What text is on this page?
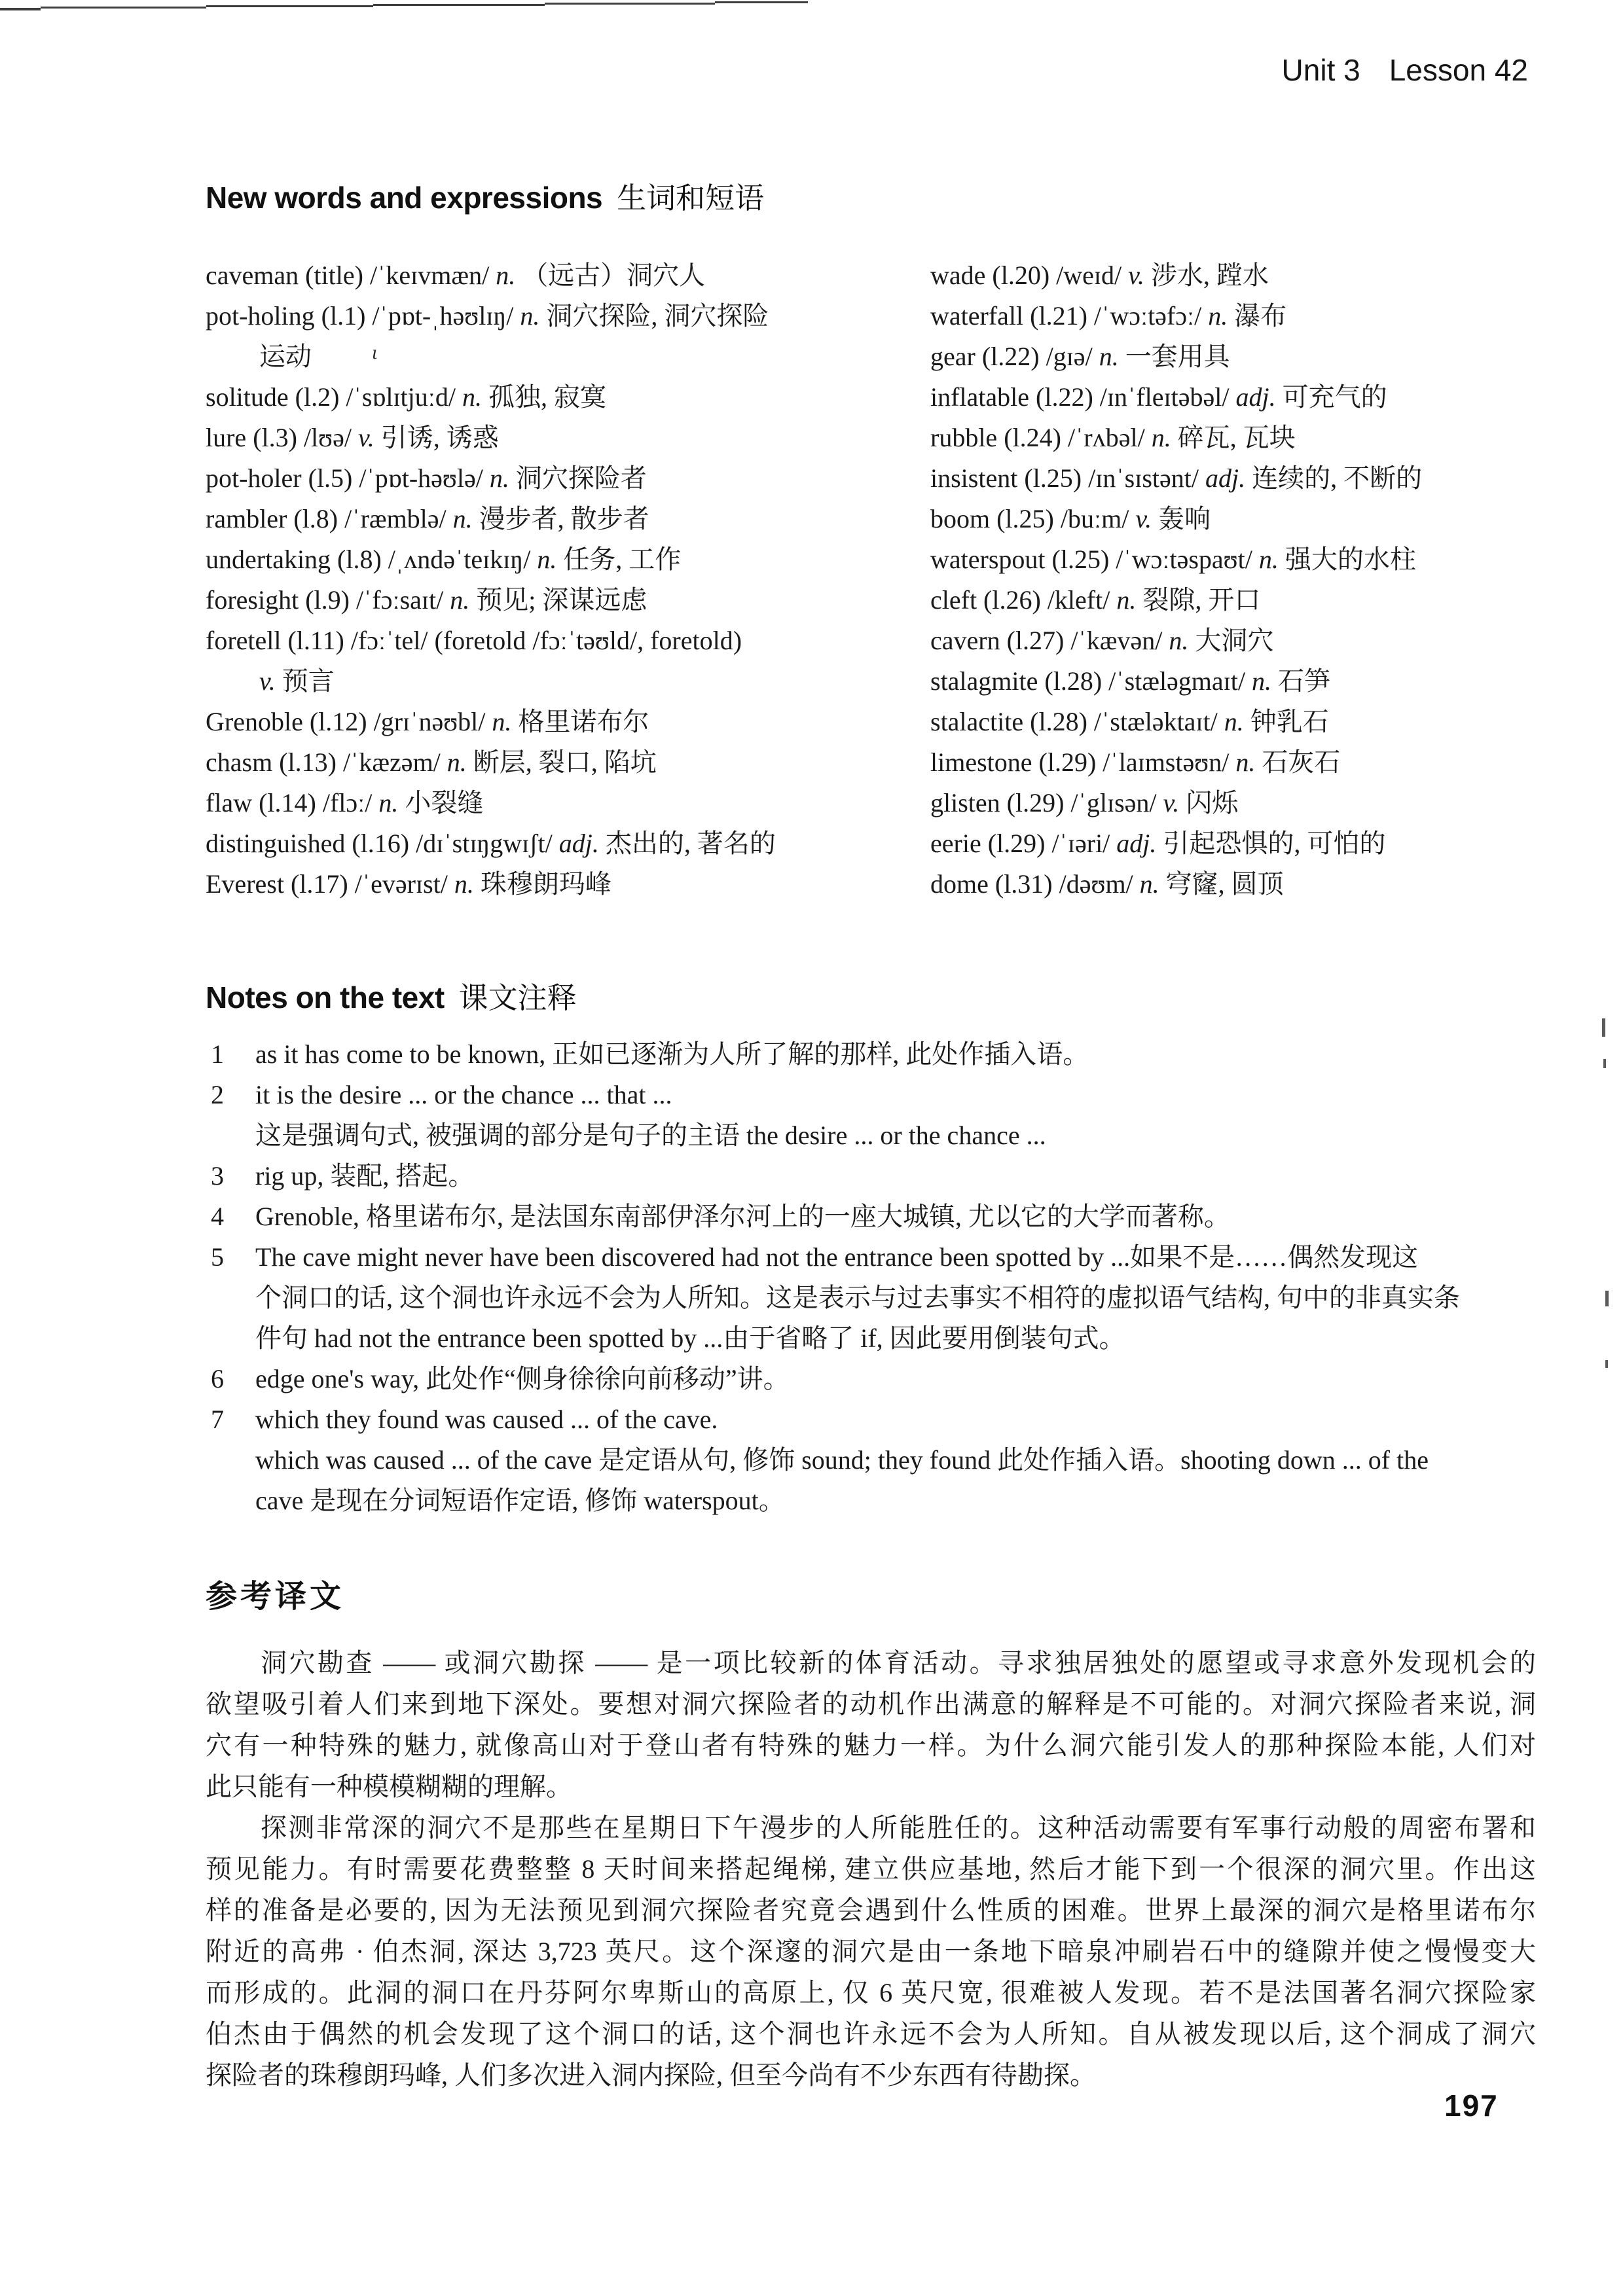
ι
Unit 3 Lesson 42
New words and expressions 生词和短语
caveman (title) /ˈkeɪvmæn/ n. （远古）洞穴人
pot-holing (l.1) /ˈpɒt-ˌhəʊlɪŋ/ n. 洞穴探险, 洞穴探险
运动
solitude (l.2) /ˈsɒlɪtjuːd/ n. 孤独, 寂寞
lure (l.3) /lʊə/ v. 引诱, 诱惑
pot-holer (l.5) /ˈpɒt-həʊlə/ n. 洞穴探险者
rambler (l.8) /ˈræmblə/ n. 漫步者, 散步者
undertaking (l.8) /ˌʌndəˈteɪkɪŋ/ n. 任务, 工作
foresight (l.9) /ˈfɔːsaɪt/ n. 预见; 深谋远虑
foretell (l.11) /fɔːˈtel/ (foretold /fɔːˈtəʊld/, foretold)
v. 预言
Grenoble (l.12) /grɪˈnəʊbl/ n. 格里诺布尔
chasm (l.13) /ˈkæzəm/ n. 断层, 裂口, 陷坑
flaw (l.14) /flɔː/ n. 小裂缝
distinguished (l.16) /dɪˈstɪŋgwɪʃt/ adj. 杰出的, 著名的
Everest (l.17) /ˈevərɪst/ n. 珠穆朗玛峰
wade (l.20) /weɪd/ v. 涉水, 蹚水
waterfall (l.21) /ˈwɔːtəfɔː/ n. 瀑布
gear (l.22) /gɪə/ n. 一套用具
inflatable (l.22) /ɪnˈfleɪtəbəl/ adj. 可充气的
rubble (l.24) /ˈrʌbəl/ n. 碎瓦, 瓦块
insistent (l.25) /ɪnˈsɪstənt/ adj. 连续的, 不断的
boom (l.25) /buːm/ v. 轰响
waterspout (l.25) /ˈwɔːtəspaʊt/ n. 强大的水柱
cleft (l.26) /kleft/ n. 裂隙, 开口
cavern (l.27) /ˈkævən/ n. 大洞穴
stalagmite (l.28) /ˈstæləgmaɪt/ n. 石笋
stalactite (l.28) /ˈstæləktaɪt/ n. 钟乳石
limestone (l.29) /ˈlaɪmstəʊn/ n. 石灰石
glisten (l.29) /ˈglɪsən/ v. 闪烁
eerie (l.29) /ˈɪəri/ adj. 引起恐惧的, 可怕的
dome (l.31) /dəʊm/ n. 穹窿, 圆顶
Notes on the text 课文注释
1 as it has come to be known, 正如已逐渐为人所了解的那样, 此处作插入语。
2 it is the desire ... or the chance ... that ...
这是强调句式, 被强调的部分是句子的主语 the desire ... or the chance ...
3 rig up, 装配, 搭起。
4 Grenoble, 格里诺布尔, 是法国东南部伊泽尔河上的一座大城镇, 尤以它的大学而著称。
5 The cave might never have been discovered had not the entrance been spotted by ...如果不是……偶然发现这
个洞口的话, 这个洞也许永远不会为人所知。这是表示与过去事实不相符的虚拟语气结构, 句中的非真实条
件句 had not the entrance been spotted by ...由于省略了 if, 因此要用倒装句式。
6 edge one's way, 此处作“侧身徐徐向前移动”讲。
7 which they found was caused ... of the cave.
which was caused ... of the cave 是定语从句, 修饰 sound; they found 此处作插入语。shooting down ... of the
cave 是现在分词短语作定语, 修饰 waterspout。
参考译文
洞穴勘查 —— 或洞穴勘探 —— 是一项比较新的体育活动。寻求独居独处的愿望或寻求意外发现机会的
欲望吸引着人们来到地下深处。要想对洞穴探险者的动机作出满意的解释是不可能的。对洞穴探险者来说, 洞
穴有一种特殊的魅力, 就像高山对于登山者有特殊的魅力一样。为什么洞穴能引发人的那种探险本能, 人们对
此只能有一种模模糊糊的理解。
探测非常深的洞穴不是那些在星期日下午漫步的人所能胜任的。这种活动需要有军事行动般的周密布署和
预见能力。有时需要花费整整 8 天时间来搭起绳梯, 建立供应基地, 然后才能下到一个很深的洞穴里。作出这
样的准备是必要的, 因为无法预见到洞穴探险者究竟会遇到什么性质的困难。世界上最深的洞穴是格里诺布尔
附近的高弗 · 伯杰洞, 深达 3,723 英尺。这个深邃的洞穴是由一条地下暗泉冲刷岩石中的缝隙并使之慢慢变大
而形成的。此洞的洞口在丹芬阿尔卑斯山的高原上, 仅 6 英尺宽, 很难被人发现。若不是法国著名洞穴探险家
伯杰由于偶然的机会发现了这个洞口的话, 这个洞也许永远不会为人所知。自从被发现以后, 这个洞成了洞穴
探险者的珠穆朗玛峰, 人们多次进入洞内探险, 但至今尚有不少东西有待勘探。
197
